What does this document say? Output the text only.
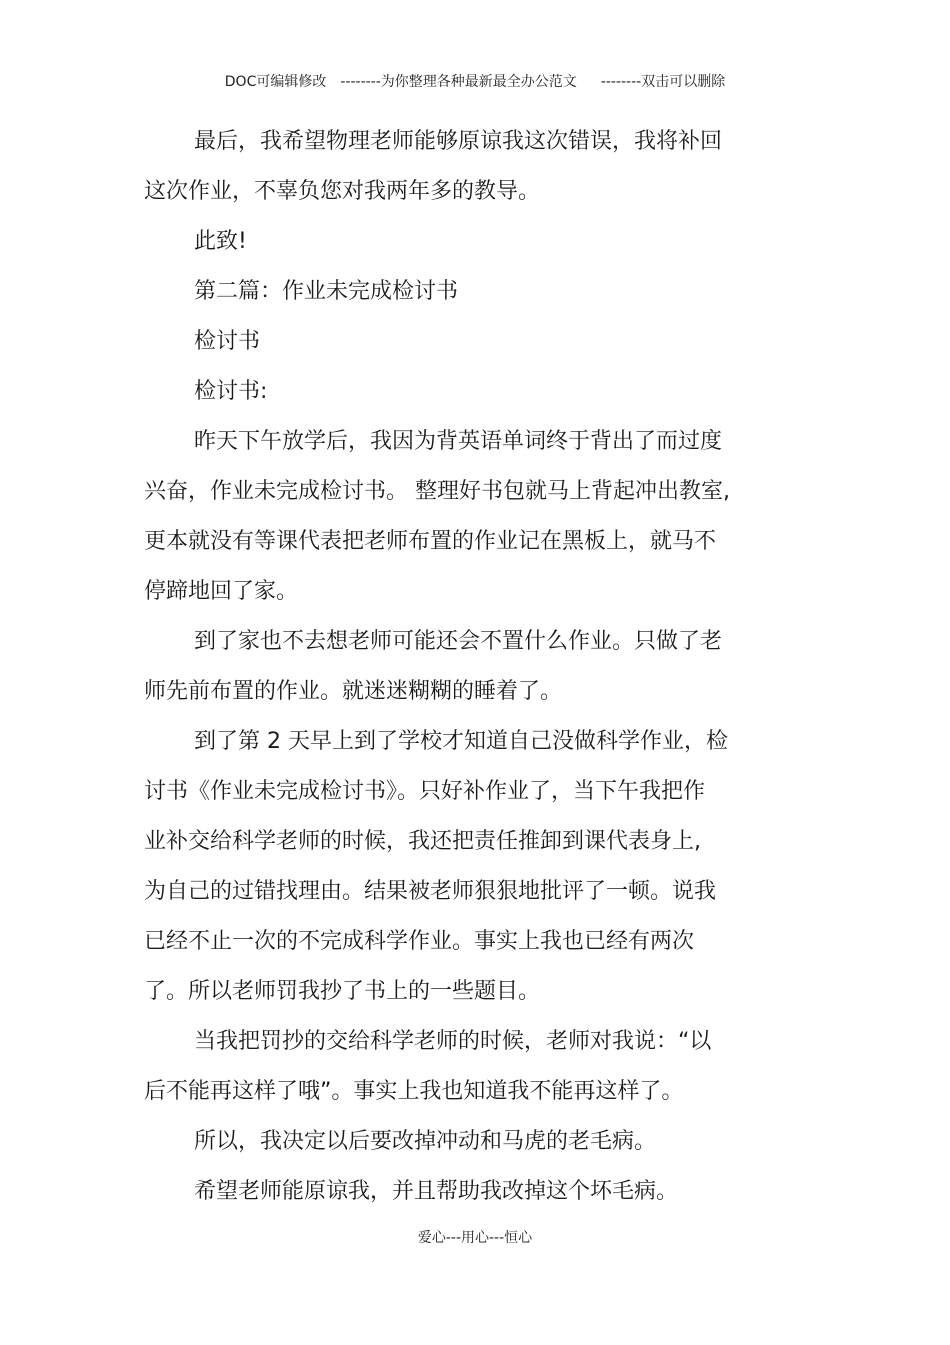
DOC可编辑修改 --------为你整理各种最新最全办公范文 --------双击可以删除
最后，我希望物理老师能够原谅我这次错误，我将补回
这次作业，不辜负您对我两年多的教导。
此致!
第二篇：作业未完成检讨书
检讨书
检讨书:
昨天下午放学后，我因为背英语单词终于背出了而过度
兴奋，作业未完成检讨书。 整理好书包就马上背起冲出教室,
更本就没有等课代表把老师布置的作业记在黑板上，就马不
停蹄地回了家。
到了家也不去想老师可能还会不置什么作业。只做了老
师先前布置的作业。就迷迷糊糊的睡着了。
到了第 2 天早上到了学校才知道自己没做科学作业，检
讨书《作业未完成检讨书》。只好补作业了，当下午我把作
业补交给科学老师的时候，我还把责任推卸到课代表身上,
为自己的过错找理由。结果被老师狠狠地批评了一顿。说我
已经不止一次的不完成科学作业。事实上我也已经有两次
了。所以老师罚我抄了书上的一些题目。
当我把罚抄的交给科学老师的时候，老师对我说：“以
后不能再这样了哦”。事实上我也知道我不能再这样了。
所以，我决定以后要改掉冲动和马虎的老毛病。
希望老师能原谅我，并且帮助我改掉这个坏毛病。
爱心---用心---恒心
